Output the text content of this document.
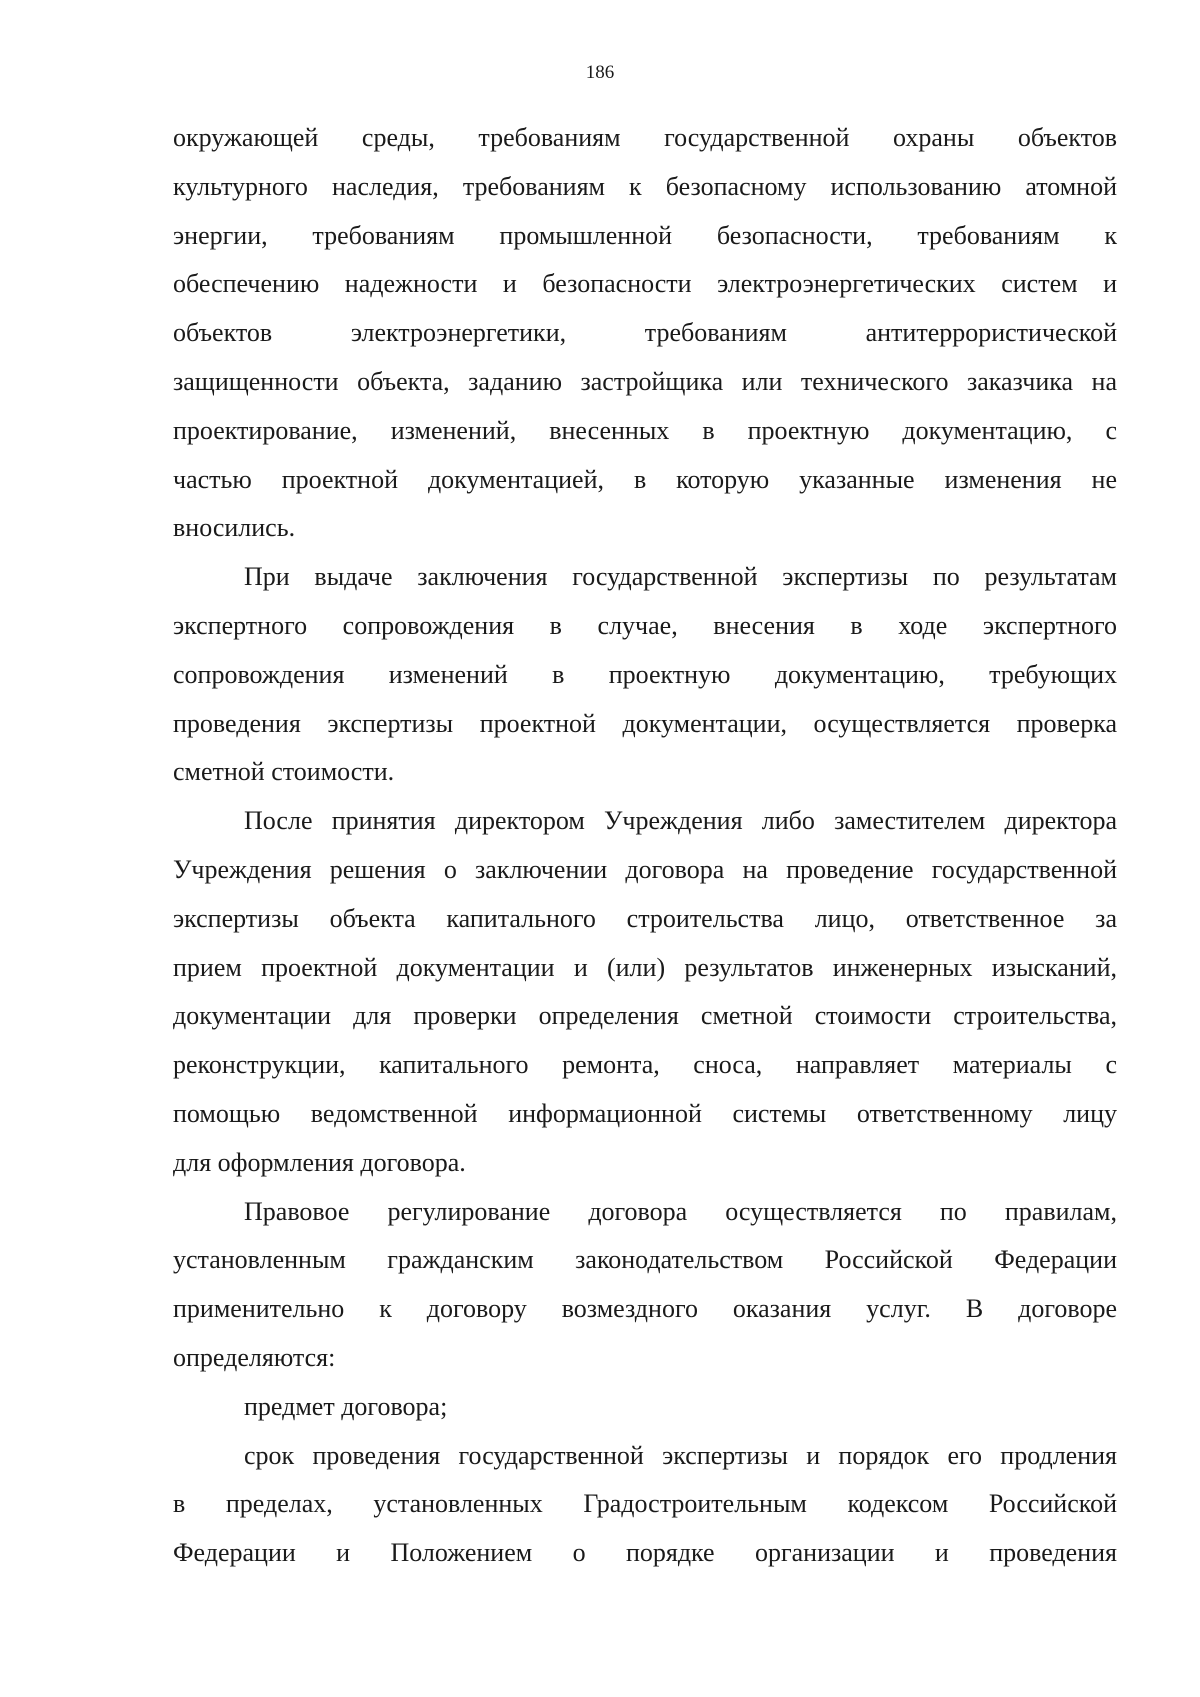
186
окружающей среды, требованиям государственной охраны объектов
культурного наследия, требованиям к безопасному использованию атомной
энергии, требованиям промышленной безопасности, требованиям к
обеспечению надежности и безопасности электроэнергетических систем и
объектов электроэнергетики, требованиям антитеррористической
защищенности объекта, заданию застройщика или технического заказчика на
проектирование, изменений, внесенных в проектную документацию, с
частью проектной документацией, в которую указанные изменения не
вносились.
При выдаче заключения государственной экспертизы по результатам
экспертного сопровождения в случае, внесения в ходе экспертного
сопровождения изменений в проектную документацию, требующих
проведения экспертизы проектной документации, осуществляется проверка
сметной стоимости.
После принятия директором Учреждения либо заместителем директора
Учреждения решения о заключении договора на проведение государственной
экспертизы объекта капитального строительства лицо, ответственное за
прием проектной документации и (или) результатов инженерных изысканий,
документации для проверки определения сметной стоимости строительства,
реконструкции, капитального ремонта, сноса, направляет материалы с
помощью ведомственной информационной системы ответственному лицу
для оформления договора.
Правовое регулирование договора осуществляется по правилам,
установленным гражданским законодательством Российской Федерации
применительно к договору возмездного оказания услуг. В договоре
определяются:
предмет договора;
срок проведения государственной экспертизы и порядок его продления
в пределах, установленных Градостроительным кодексом Российской
Федерации и Положением о порядке организации и проведения
